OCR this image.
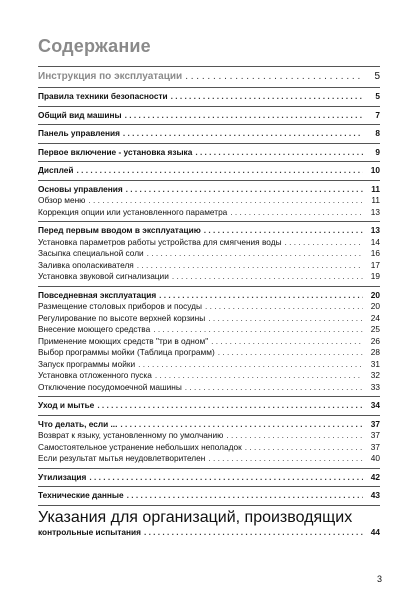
Содержание
Инструкция по эксплуатации . . .	5
Правила техники безопасности . . .	5
Общий вид машины . . .	7
Панель управления . . .	8
Первое включение - установка языка . . .	9
Дисплей . . .	10
Основы управления . . .	11
Обзор меню . . .	11
Коррекция опции или установленного параметра . . .	13
Перед первым вводом в эксплуатацию . . .	13
Установка параметров работы устройства для смягчения воды . . .	14
Засыпка специальной соли . . .	16
Заливка ополаскивателя . . .	17
Установка звуковой сигнализации . . .	19
Повседневная эксплуатация . . .	20
Размещение столовых приборов и посуды . . .	20
Регулирование по высоте верхней корзины . . .	24
Внесение моющего средства . . .	25
Применение моющих средств "три в одном" . . .	26
Выбор программы мойки (Таблица программ) . . .	28
Запуск программы мойки . . .	31
Установка отложенного пуска . . .	32
Отключение посудомоечной машины . . .	33
Уход и мытье . . .	34
Что делать, если ... . . .	37
Возврат к языку, установленному по умолчанию . . .	37
Самостоятельное устранение небольших неполадок . . .	37
Если результат мытья неудовлетворителен . . .	40
Утилизация . . .	42
Технические данные . . .	43
Указания для организаций, производящих
контрольные испытания . . .	44
3
